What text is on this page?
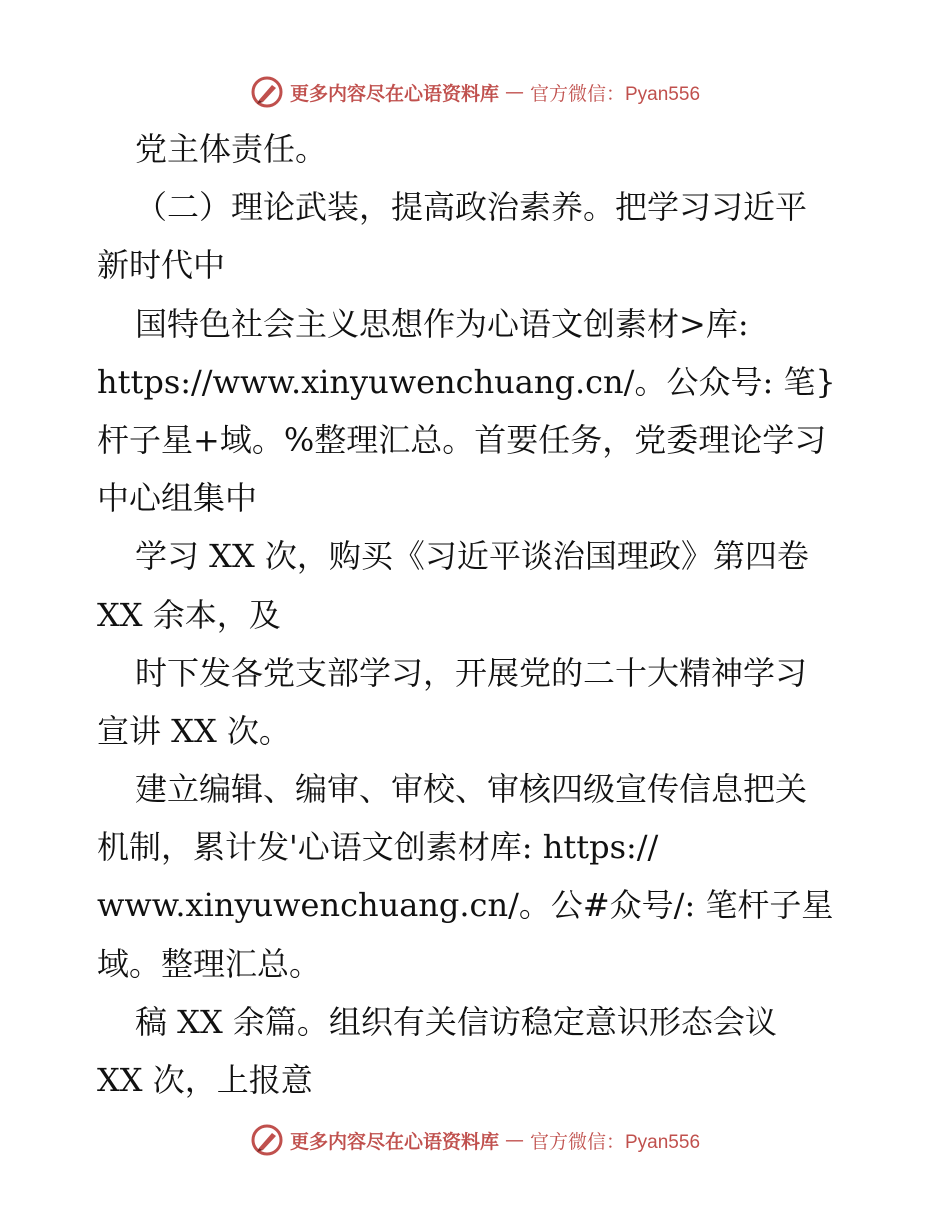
更多内容尽在心语资料库 — 官方微信：Pyan556
党主体责任。
（二）理论武装，提高政治素养。把学习习近平
新时代中
国特色社会主义思想作为心语文创素材>库:
https://www.xinyuwenchuang.cn/。公众号: 笔}
杆子星+域。%整理汇总。首要任务，党委理论学习
中心组集中
学习 XX 次，购买《习近平谈治国理政》第四卷
XX 余本，及
时下发各党支部学习，开展党的二十大精神学习
宣讲 XX 次。
建立编辑、编审、审校、审核四级宣传信息把关
机制，累计发'心语文创素材库: https://
www.xinyuwenchuang.cn/。公#众号/: 笔杆子星
域。整理汇总。
稿 XX 余篇。组织有关信访稳定意识形态会议
XX 次，上报意
更多内容尽在心语资料库 — 官方微信：Pyan556
